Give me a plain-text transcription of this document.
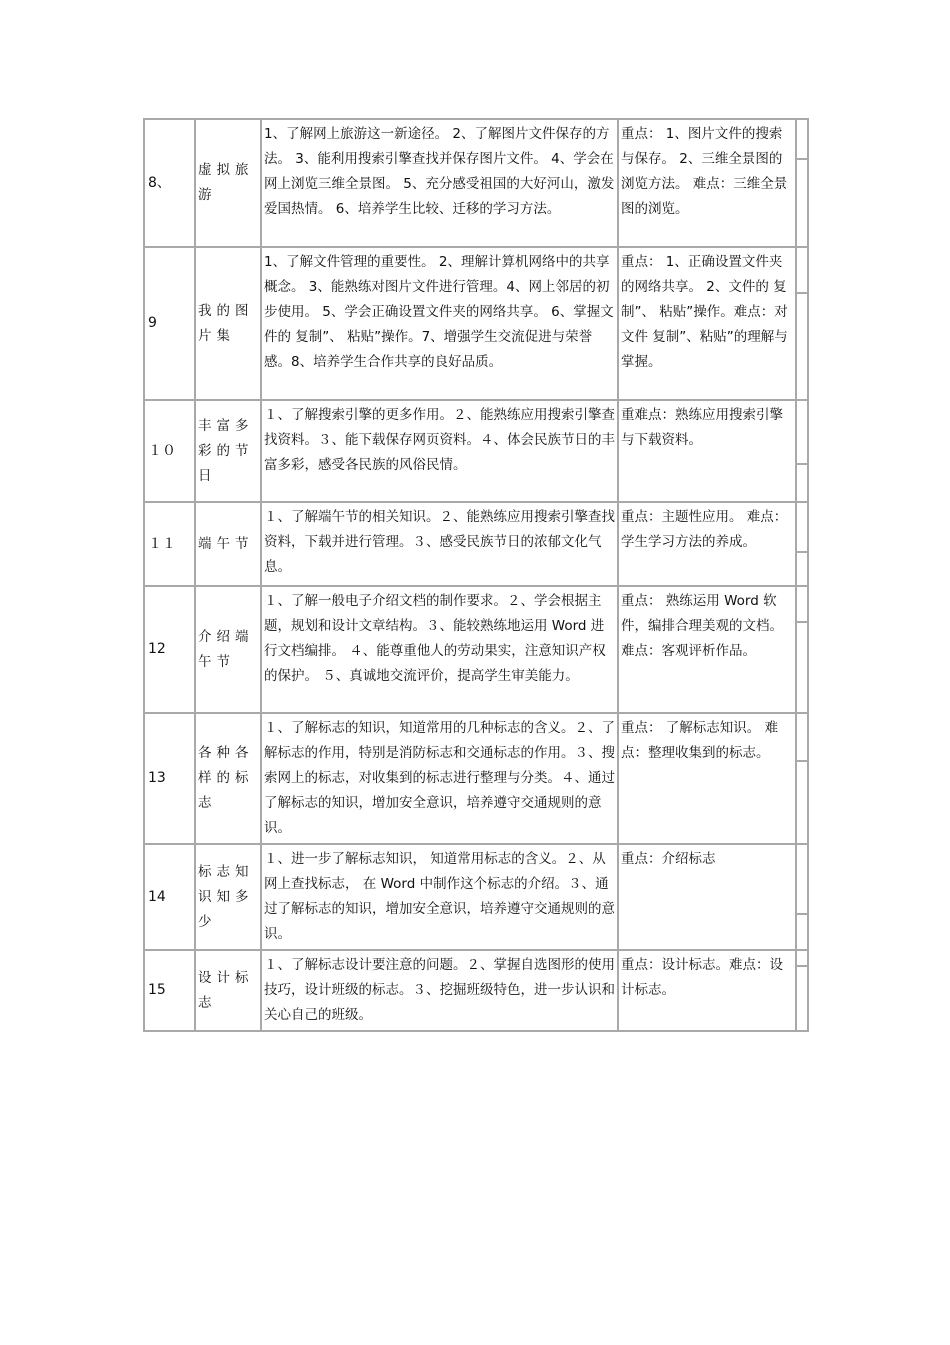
8、	虚拟旅游	1、了解网上旅游这一新途径。 2、了解图片文件保存的方法。 3、能利用搜索引擎查找并保存图片文件。 4、学会在网上浏览三维全景图。 5、充分感受祖国的大好河山，激发爱国热情。 6、培养学生比较、迁移的学习方法。	重点： 1、图片文件的搜索与保存。 2、三维全景图的浏览方法。 难点：三维全景图的浏览。	

9	我的图片集	1、了解文件管理的重要性。 2、理解计算机网络中的共享概念。 3、能熟练对图片文件进行管理。4、网上邻居的初步使用。 5、学会正确设置文件夹的网络共享。 6、掌握文件的 复制”、 粘贴”操作。7、增强学生交流促进与荣誉感。8、培养学生合作共享的良好品质。	重点： 1、正确设置文件夹的网络共享。 2、文件的 复制”、 粘贴”操作。难点：对文件 复制”、粘贴”的理解与掌握。	

１０	丰富多彩的节日	１、了解搜索引擎的更多作用。２、能熟练应用搜索引擎查找资料。３、能下载保存网页资料。４、体会民族节日的丰富多彩，感受各民族的风俗民情。	重难点：熟练应用搜索引擎与下载资料。	

１１	端午节	１、了解端午节的相关知识。２、能熟练应用搜索引擎查找资料，下载并进行管理。３、感受民族节日的浓郁文化气息。	重点：主题性应用。 难点：学生学习方法的养成。	

12	介绍端午节	１、了解一般电子介绍文档的制作要求。２、学会根据主题，规划和设计文章结构。３、能较熟练地运用 Word 进行文档编排。 ４、能尊重他人的劳动果实，注意知识产权的保护。 ５、真诚地交流评价，提高学生审美能力。	重点： 熟练运用 Word 软件，编排合理美观的文档。难点：客观评析作品。	

13	各种各样的标志	１、了解标志的知识，知道常用的几种标志的含义。２、了解标志的作用，特别是消防标志和交通标志的作用。３、搜索网上的标志，对收集到的标志进行整理与分类。４、通过了解标志的知识，增加安全意识，培养遵守交通规则的意识。	重点： 了解标志知识。 难点：整理收集到的标志。	

14	标志知识知多少	１、进一步了解标志知识， 知道常用标志的含义。２、从网上查找标志， 在 Word 中制作这个标志的介绍。３、通过了解标志的知识，增加安全意识，培养遵守交通规则的意识。	重点：介绍标志	

15	设计标志	１、了解标志设计要注意的问题。２、掌握自选图形的使用技巧，设计班级的标志。３、挖掘班级特色，进一步认识和关心自己的班级。	重点：设计标志。难点：设计标志。	
